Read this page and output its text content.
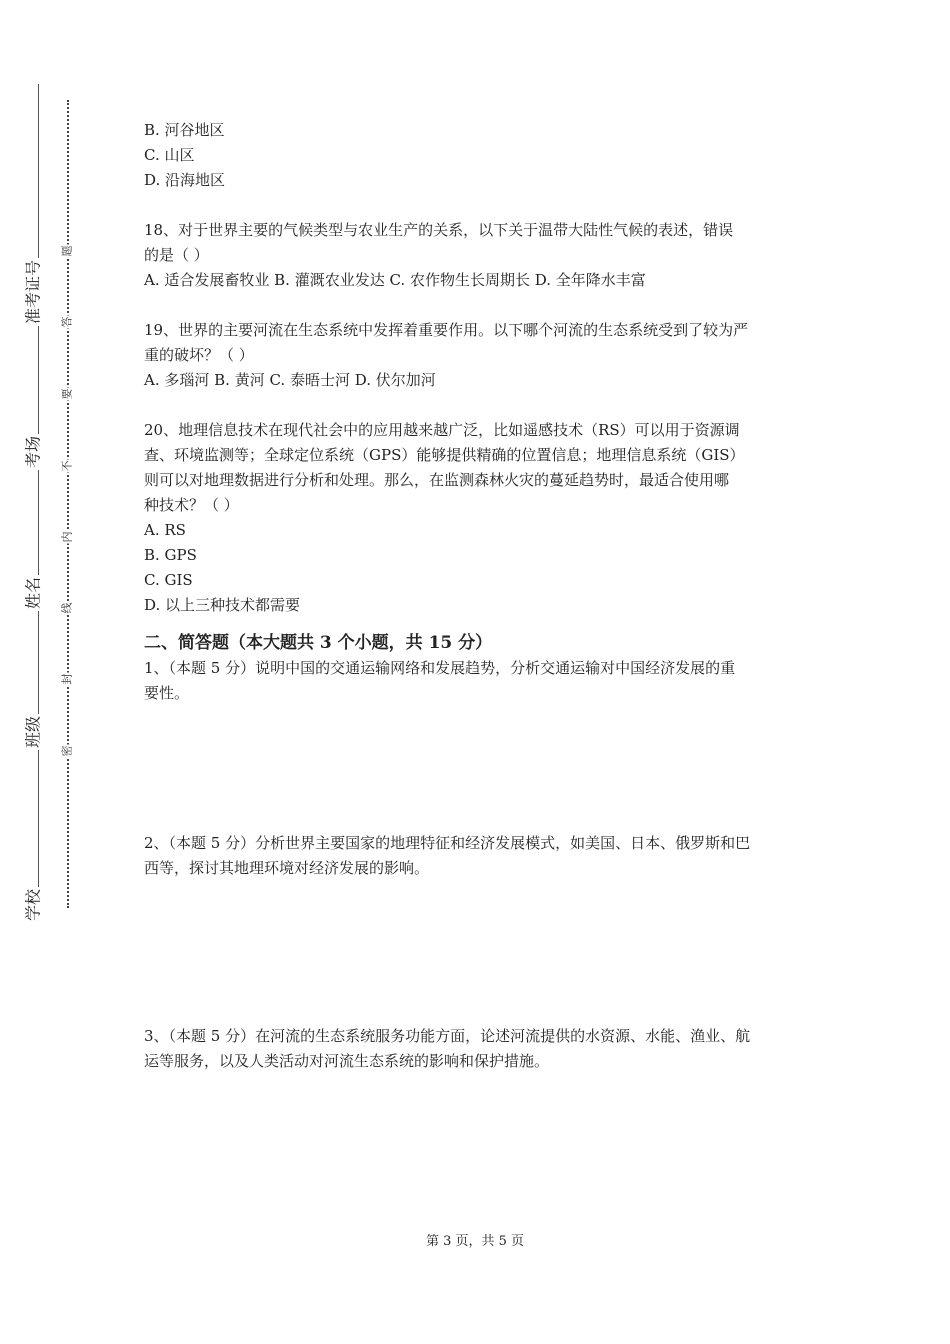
准考证号
考场
姓名
班级
学校
题
答
要
不
内
线
封
密
B. 河谷地区
C. 山区
D. 沿海地区
18、对于世界主要的气候类型与农业生产的关系，以下关于温带大陆性气候的表述，错误
的是（ ）
A. 适合发展畜牧业 B. 灌溉农业发达 C. 农作物生长周期长 D. 全年降水丰富
19、世界的主要河流在生态系统中发挥着重要作用。以下哪个河流的生态系统受到了较为严
重的破坏？（ ）
A. 多瑙河 B. 黄河 C. 泰晤士河 D. 伏尔加河
20、地理信息技术在现代社会中的应用越来越广泛，比如遥感技术（RS）可以用于资源调
查、环境监测等；全球定位系统（GPS）能够提供精确的位置信息；地理信息系统（GIS）
则可以对地理数据进行分析和处理。那么，在监测森林火灾的蔓延趋势时，最适合使用哪
种技术？（ ）
A. RS
B. GPS
C. GIS
D. 以上三种技术都需要
二、简答题（本大题共 3 个小题，共 15 分）
1、（本题 5 分）说明中国的交通运输网络和发展趋势，分析交通运输对中国经济发展的重
要性。
2、（本题 5 分）分析世界主要国家的地理特征和经济发展模式，如美国、日本、俄罗斯和巴
西等，探讨其地理环境对经济发展的影响。
3、（本题 5 分）在河流的生态系统服务功能方面，论述河流提供的水资源、水能、渔业、航
运等服务，以及人类活动对河流生态系统的影响和保护措施。
第 3 页，共 5 页
